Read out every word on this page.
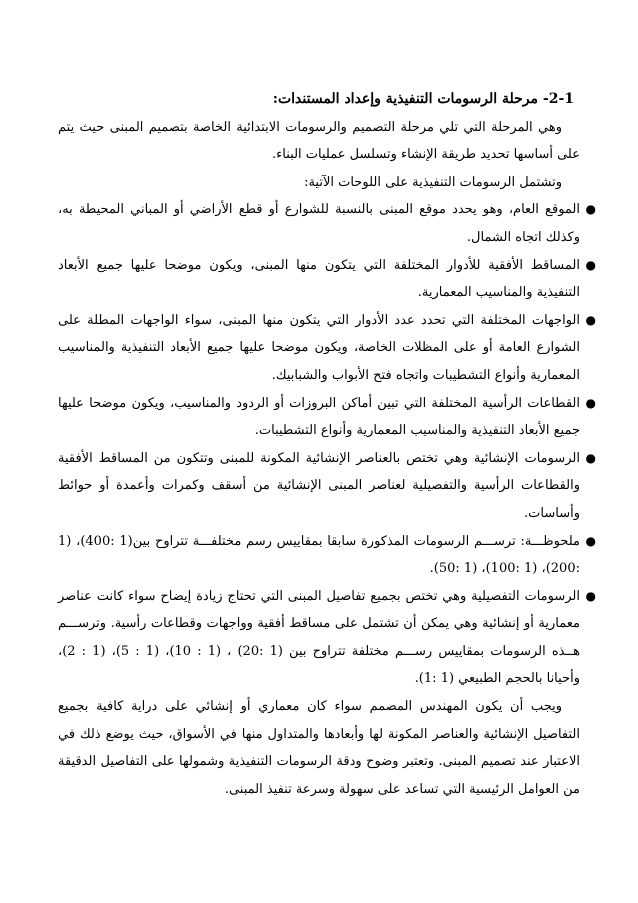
2-1- مرحلة الرسومات التنفيذية وإعداد المستندات:

وهي المرحلة التي تلي مرحلة التصميم والرسومات الابتدائية الخاصة بتصميم المبنى حيث يتم على أساسها تحديد طريقة الإنشاء وتسلسل عمليات البناء.

وتشتمل الرسومات التنفيذية على اللوحات الآتية:

●
الموقع العام، وهو يحدد موقع المبنى بالنسبة للشوارع أو قطع الأراضي أو المباني المحيطة به، وكذلك اتجاه الشمال.
●
المساقط الأفقية للأدوار المختلفة التي يتكون منها المبنى، ويكون موضحا عليها جميع الأبعاد التنفيذية والمناسيب المعمارية.
●
الواجهات المختلفة التي تحدد عدد الأدوار التي يتكون منها المبنى، سواء الواجهات المطلة على الشوارع العامة أو على المظلات الخاصة، ويكون موضحا عليها جميع الأبعاد التنفيذية والمناسيب المعمارية وأنواع التشطيبات واتجاه فتح الأبواب والشبابيك.
●
القطاعات الرأسية المختلفة التي تبين أماكن البروزات أو الردود والمناسيب، ويكون موضحا عليها جميع الأبعاد التنفيذية والمناسيب المعمارية وأنواع التشطيبات.
●
الرسومات الإنشائية وهي تختص بالعناصر الإنشائية المكونة للمبنى وتتكون من المساقط الأفقية والقطاعات الرأسية والتفصيلية لعناصر المبنى الإنشائية من أسقف وكمرات وأعمدة أو حوائط وأساسات.
●
ملحوظـــة: ترســـم الرسومات المذكورة سابقا بمقاييس رسم مختلفـــة تتراوح بين(1 :400)، (1 :200)، (1 :100)، (1 :50).
●
الرسومات التفصيلية وهي تختص بجميع تفاصيل المبنى التي تحتاج زيادة إيضاح سواء كانت عناصر معمارية أو إنشائية وهي يمكن أن تشتمل على مساقط أفقية وواجهات وقطاعات رأسية. وترســـم هــذه الرسومات بمقاييس رســـم مختلفة تتراوح بين (1 :20) ، (1 : 10)، (1 : 5)، (1 : 2)، وأحيانا بالحجم الطبيعي (1 :1).

ويجب أن يكون المهندس المصمم سواء كان معماري أو إنشائي على دراية كافية بجميع التفاصيل الإنشائية والعناصر المكونة لها وأبعادها والمتداول منها في الأسواق، حيث يوضع ذلك في الاعتبار عند تصميم المبنى. وتعتبر وضوح ودقة الرسومات التنفيذية وشمولها على التفاصيل الدقيقة من العوامل الرئيسية التي تساعد على سهولة وسرعة تنفيذ المبنى.
